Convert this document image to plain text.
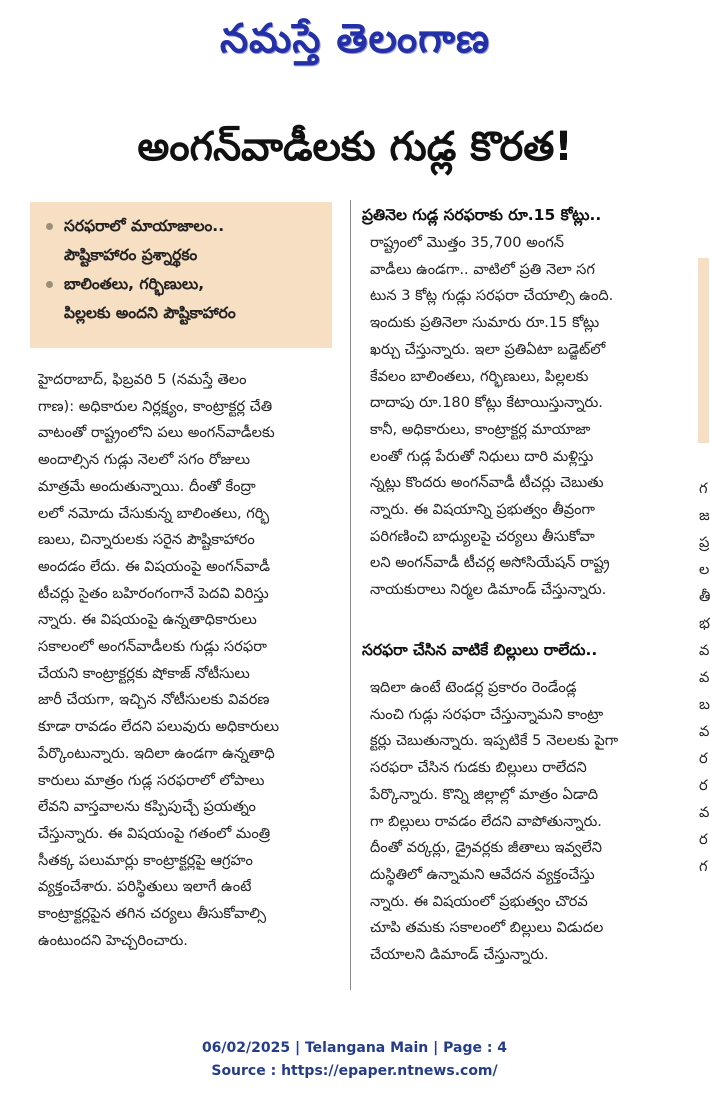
నమస్తే తెలంగాణ
అంగన్‌వాడీలకు గుడ్ల కొరత!
సరఫరాలో మాయాజాలం..
పౌష్టికాహారం ప్రశ్నార్థకం
బాలింతలు, గర్భిణులు,
పిల్లలకు అందని పౌష్టికాహారం
హైదరాబాద్, ఫిబ్రవరి 5 (నమస్తే తెలం
గాణ): అధికారుల నిర్లక్ష్యం, కాంట్రాక్టర్ల చేతి
వాటంతో రాష్ట్రంలోని పలు అంగన్‌వాడీలకు
అందాల్సిన గుడ్లు నెలలో సగం రోజులు
మాత్రమే అందుతున్నాయి. దీంతో కేంద్రా
లలో నమోదు చేసుకున్న బాలింతలు, గర్భి
ణులు, చిన్నారులకు సరైన పౌష్టికాహారం
అందడం లేదు. ఈ విషయంపై అంగన్‌వాడీ
టీచర్లు సైతం బహిరంగంగానే పెదవి విరిస్తు
న్నారు. ఈ విషయంపై ఉన్నతాధికారులు
సకాలంలో అంగన్‌వాడీలకు గుడ్లు సరఫరా
చేయని కాంట్రాక్టర్లకు షోకాజ్ నోటీసులు
జారీ చేయగా, ఇచ్చిన నోటీసులకు వివరణ
కూడా రావడం లేదని పలువురు అధికారులు
పేర్కొంటున్నారు. ఇదిలా ఉండగా ఉన్నతాధి
కారులు మాత్రం గుడ్ల సరఫరాలో లోపాలు
లేవని వాస్తవాలను కప్పిపుచ్చే ప్రయత్నం
చేస్తున్నారు. ఈ విషయంపై గతంలో మంత్రి
సీతక్క పలుమార్లు కాంట్రాక్టర్లపై ఆగ్రహం
వ్యక్తంచేశారు. పరిస్థితులు ఇలాగే ఉంటే
కాంట్రాక్టర్లపైన తగిన చర్యలు తీసుకోవాల్సి
ఉంటుందని హెచ్చరించారు.
ప్రతినెల గుడ్ల సరఫరాకు రూ.15 కోట్లు..
రాష్ట్రంలో మొత్తం 35,700 అంగన్
వాడీలు ఉండగా.. వాటిలో ప్రతి నెలా సగ
టున 3 కోట్ల గుడ్లు సరఫరా చేయాల్సి ఉంది.
ఇందుకు ప్రతినెలా సుమారు రూ.15 కోట్లు
ఖర్చు చేస్తున్నారు. ఇలా ప్రతిఏటా బడ్జెట్‌లో
కేవలం బాలింతలు, గర్భిణులు, పిల్లలకు
దాదాపు రూ.180 కోట్లు కేటాయిస్తున్నారు.
కానీ, అధికారులు, కాంట్రాక్టర్ల మాయాజా
లంతో గుడ్ల పేరుతో నిధులు దారి మళ్లిస్తు
న్నట్లు కొందరు అంగన్‌వాడీ టీచర్లు చెబుతు
న్నారు. ఈ విషయాన్ని ప్రభుత్వం తీవ్రంగా
పరిగణించి బాధ్యులపై చర్యలు తీసుకోవా
లని అంగన్‌వాడీ టీచర్ల అసోసియేషన్ రాష్ట్ర
నాయకురాలు నిర్మల డిమాండ్ చేస్తున్నారు.
సరఫరా చేసిన వాటికే బిల్లులు రాలేదు..
ఇదిలా ఉంటే టెండర్ల ప్రకారం రెండేండ్ల
నుంచి గుడ్లు సరఫరా చేస్తున్నామని కాంట్రా
క్టర్లు చెబుతున్నారు. ఇప్పటికే 5 నెలలకు పైగా
సరఫరా చేసిన గుడకు బిల్లులు రాలేదని
పేర్కొన్నారు. కొన్ని జిల్లాల్లో మాత్రం ఏడాది
గా బిల్లులు రావడం లేదని వాపోతున్నారు.
దీంతో వర్కర్లు, డ్రైవర్లకు జీతాలు ఇవ్వలేని
దుస్థితిలో ఉన్నామని ఆవేదన వ్యక్తంచేస్తు
న్నారు. ఈ విషయంలో ప్రభుత్వం చొరవ
చూపి తమకు సకాలంలో బిల్లులు విడుదల
చేయాలని డిమాండ్ చేస్తున్నారు.
గ
జ
ప్ర
ల
తీ
భ
వ
వ
బ
వ
ర
ర
వ
ర
గ
06/02/2025 | Telangana Main | Page : 4
Source : https://epaper.ntnews.com/
